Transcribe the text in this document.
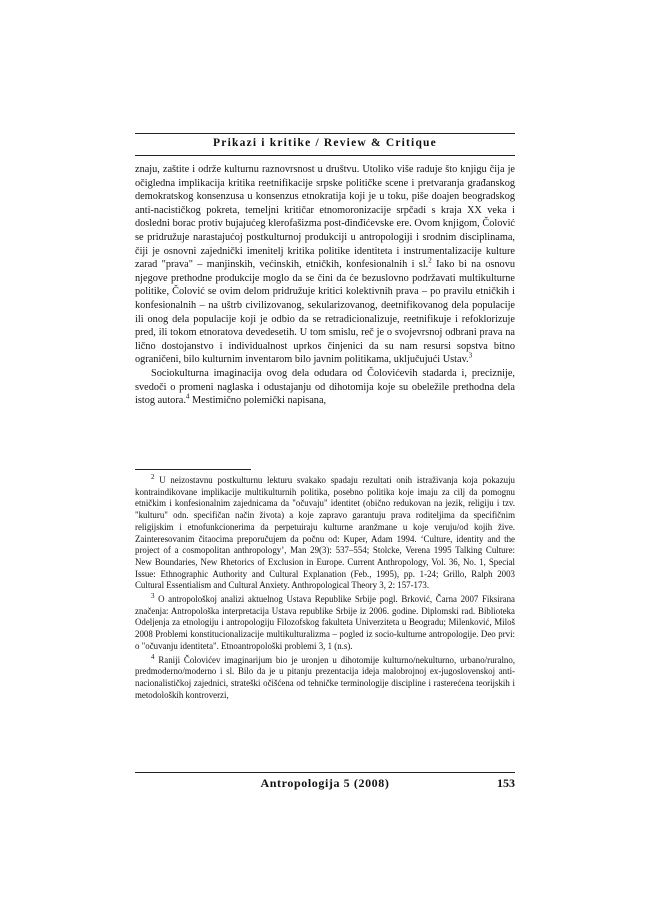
Prikazi i kritike / Review & Critique

znaju, zaštite i održe kulturnu raznovrsnost u društvu. Utoliko više raduje što knjigu čija je očigledna implikacija kritika reetnifikacije srpske političke scene i pretvaranja građanskog demokratskog konsenzusa u konsenzus etnokratija koji je u toku, piše doajen beogradskog anti-nacističkog pokreta, temeljni kritičar etnomoronizacije srpčadi s kraja XX veka i dosledni borac protiv bujajućeg klerofašizma post-đinđićevske ere. Ovom knjigom, Čolović se pridružuje narastajućoj postkulturnoj produkciji u antropologiji i srodnim disciplinama, čiji je osnovni zajednički imenitelj kritika politike identiteta i instrumentalizacije kulture zarad "prava" – manjinskih, većinskih, etničkih, konfesionalnih i sl.$^2$ Iako bi na osnovu njegove prethodne produkcije moglo da se čini da će bezuslovno podržavati multikulturne politike, Čolović se ovim delom pridružuje kritici kolektivnih prava – po pravilu etničkih i konfesionalnih – na uštrb civilizovanog, sekularizovanog, deetnifikovanog dela populacije ili onog dela populacije koji je odbio da se retradicionalizuje, reetnifikuje i refoklorizuje pred, ili tokom etnoratova devedesetih. U tom smislu, reč je o svojevrsnoj odbrani prava na lično dostojanstvo i individualnost uprkos činjenici da su nam resursi sopstva bitno ograničeni, bilo kulturnim inventarom bilo javnim politikama, uključujući Ustav.$^3$

Sociokulturna imaginacija ovog dela odudara od Čolovićevih stadarda i, preciznije, svedoči o promeni naglaska i odustajanju od dihotomija koje su obeležile prethodna dela istog autora.$^4$ Mestimično polemički napisana,

$^2$ U neizostavnu postkulturnu lekturu svakako spadaju rezultati onih istraživanja koja pokazuju kontraindikovane implikacije multikulturnih politika, posebno politika koje imaju za cilj da pomognu etničkim i konfesionalnim zajednicama da "očuvaju" identitet (obično redukovan na jezik, religiju i tzv. "kulturu" odn. specifičan način života) a koje zapravo garantuju prava roditeljima da specifičnim religijskim i etnofunkcionerima da perpetuiraju kulturne aranžmane u koje veruju/od kojih žive. Zainteresovanim čitaocima preporučujem da počnu od: Kuper, Adam 1994. ‘Culture, identity and the project of a cosmopolitan anthropology’, Man 29(3): 537–554; Stolcke, Verena 1995 Talking Culture: New Boundaries, New Rhetorics of Exclusion in Europe. Current Anthropology, Vol. 36, No. 1, Special Issue: Ethnographic Authority and Cultural Explanation (Feb., 1995), pp. 1-24; Grillo, Ralph 2003 Cultural Essentialism and Cultural Anxiety. Anthropological Theory 3, 2: 157-173.

$^3$ O antropološkoj analizi aktuelnog Ustava Republike Srbije pogl. Brković, Čarna 2007 Fiksirana značenja: Antropološka interpretacija Ustava republike Srbije iz 2006. godine. Diplomski rad. Biblioteka Odeljenja za etnologiju i antropologiju Filozofskog fakulteta Univerziteta u Beogradu; Milenković, Miloš 2008 Problemi konstitucionalizacije multikulturalizma – pogled iz socio-kulturne antropologije. Deo prvi: o "očuvanju identiteta". Etnoantropološki problemi 3, 1 (n.s).

$^4$ Raniji Čolovićev imaginarijum bio je uronjen u dihotomije kulturno/nekulturno, urbano/ruralno, predmoderno/moderno i sl. Bilo da je u pitanju prezentacija ideja malobrojnoj ex-jugoslovenskoj anti-nacionalističkoj zajednici, strateški očišćena od tehničke terminologije discipline i rasterećena teorijskih i metodoloških kontroverzi,

Antropologija 5 (2008)	153
